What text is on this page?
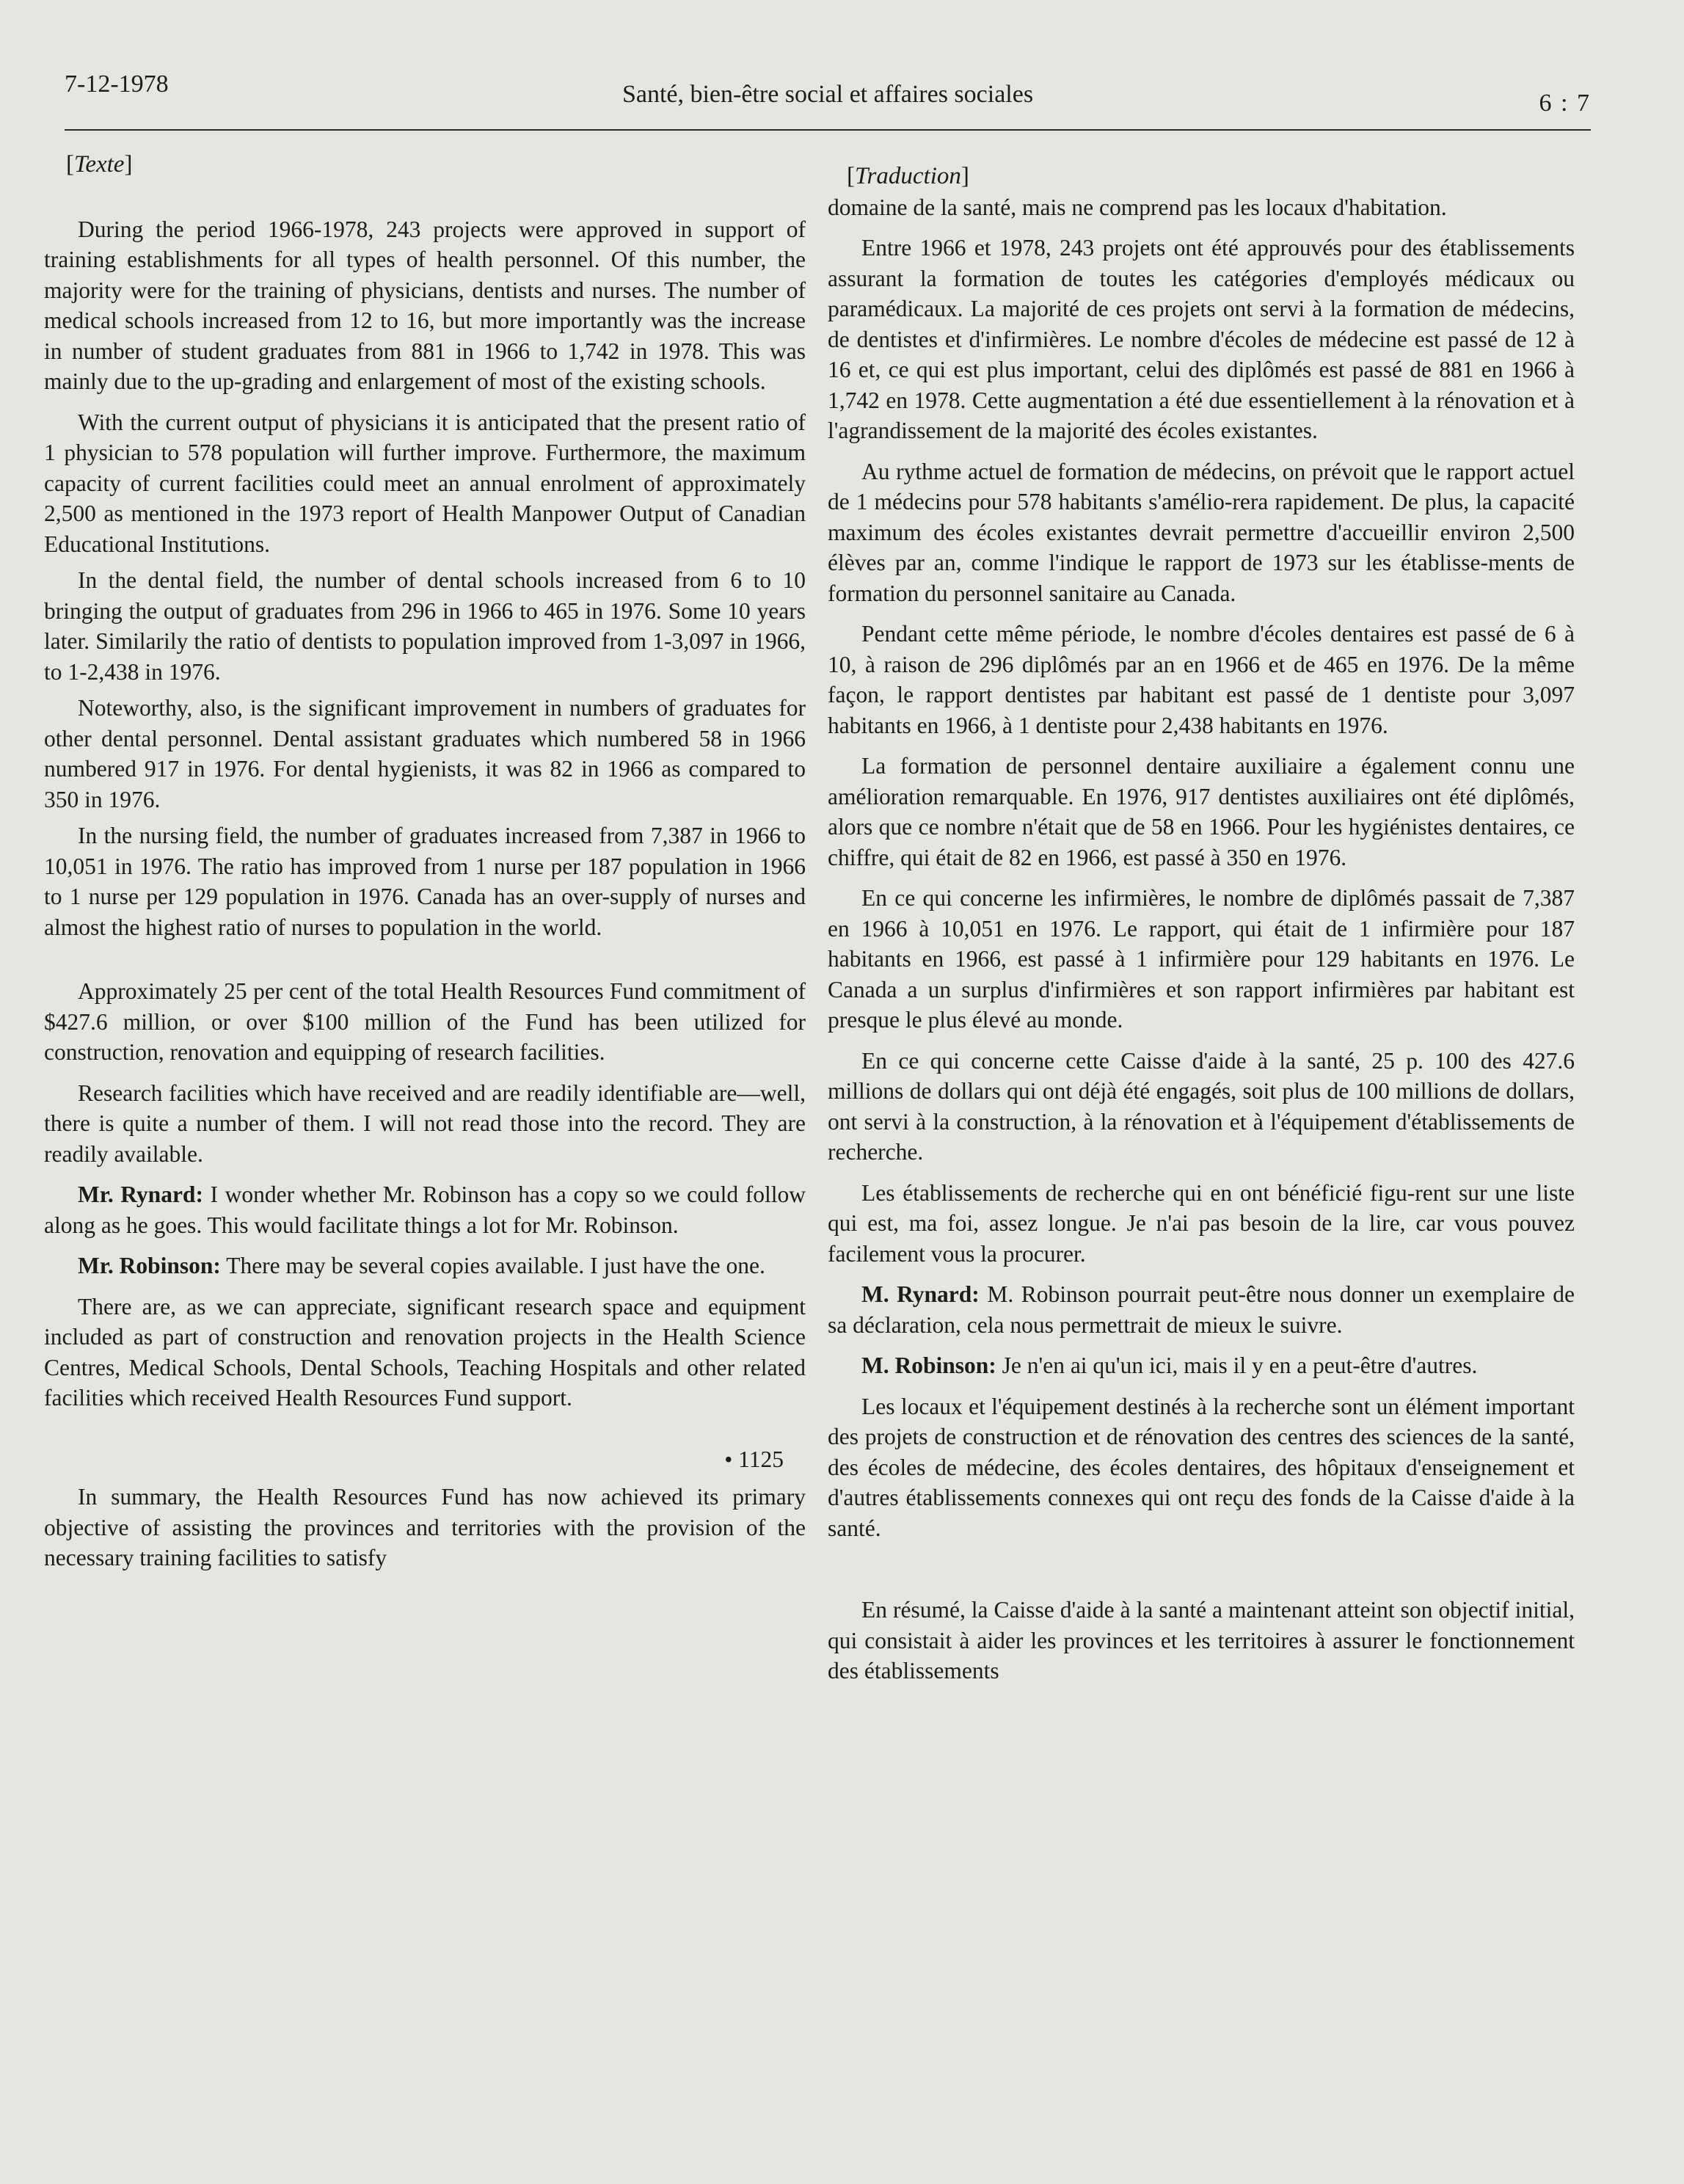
7-12-1978	Santé, bien-être social et affaires sociales	6 : 7
[Texte]

During the period 1966-1978, 243 projects were approved in support of training establishments for all types of health personnel. Of this number, the majority were for the training of physicians, dentists and nurses. The number of medical schools increased from 12 to 16, but more importantly was the increase in number of student graduates from 881 in 1966 to 1,742 in 1978. This was mainly due to the up-grading and enlargement of most of the existing schools.

With the current output of physicians it is anticipated that the present ratio of 1 physician to 578 population will further improve. Furthermore, the maximum capacity of current facilities could meet an annual enrolment of approximately 2,500 as mentioned in the 1973 report of Health Manpower Output of Canadian Educational Institutions.

In the dental field, the number of dental schools increased from 6 to 10 bringing the output of graduates from 296 in 1966 to 465 in 1976. Some 10 years later. Similarily the ratio of dentists to population improved from 1-3,097 in 1966, to 1-2,438 in 1976.

Noteworthy, also, is the significant improvement in numbers of graduates for other dental personnel. Dental assistant graduates which numbered 58 in 1966 numbered 917 in 1976. For dental hygienists, it was 82 in 1966 as compared to 350 in 1976.

In the nursing field, the number of graduates increased from 7,387 in 1966 to 10,051 in 1976. The ratio has improved from 1 nurse per 187 population in 1966 to 1 nurse per 129 population in 1976. Canada has an over-supply of nurses and almost the highest ratio of nurses to population in the world.

Approximately 25 per cent of the total Health Resources Fund commitment of $427.6 million, or over $100 million of the Fund has been utilized for construction, renovation and equipping of research facilities.

Research facilities which have received and are readily identifiable are—well, there is quite a number of them. I will not read those into the record. They are readily available.

Mr. Rynard: I wonder whether Mr. Robinson has a copy so we could follow along as he goes. This would facilitate things a lot for Mr. Robinson.

Mr. Robinson: There may be several copies available. I just have the one.

There are, as we can appreciate, significant research space and equipment included as part of construction and renovation projects in the Health Science Centres, Medical Schools, Dental Schools, Teaching Hospitals and other related facilities which received Health Resources Fund support.

• 1125

In summary, the Health Resources Fund has now achieved its primary objective of assisting the provinces and territories with the provision of the necessary training facilities to satisfy

[Traduction]

domaine de la santé, mais ne comprend pas les locaux d'habitation.

Entre 1966 et 1978, 243 projets ont été approuvés pour des établissements assurant la formation de toutes les catégories d'employés médicaux ou paramédicaux. La majorité de ces projets ont servi à la formation de médecins, de dentistes et d'infirmières. Le nombre d'écoles de médecine est passé de 12 à 16 et, ce qui est plus important, celui des diplômés est passé de 881 en 1966 à 1,742 en 1978. Cette augmentation a été due essentiellement à la rénovation et à l'agrandissement de la majorité des écoles existantes.

Au rythme actuel de formation de médecins, on prévoit que le rapport actuel de 1 médecins pour 578 habitants s'amélio-rera rapidement. De plus, la capacité maximum des écoles existantes devrait permettre d'accueillir environ 2,500 élèves par an, comme l'indique le rapport de 1973 sur les établisse-ments de formation du personnel sanitaire au Canada.

Pendant cette même période, le nombre d'écoles dentaires est passé de 6 à 10, à raison de 296 diplômés par an en 1966 et de 465 en 1976. De la même façon, le rapport dentistes par habitant est passé de 1 dentiste pour 3,097 habitants en 1966, à 1 dentiste pour 2,438 habitants en 1976.

La formation de personnel dentaire auxiliaire a également connu une amélioration remarquable. En 1976, 917 dentistes auxiliaires ont été diplômés, alors que ce nombre n'était que de 58 en 1966. Pour les hygiénistes dentaires, ce chiffre, qui était de 82 en 1966, est passé à 350 en 1976.

En ce qui concerne les infirmières, le nombre de diplômés passait de 7,387 en 1966 à 10,051 en 1976. Le rapport, qui était de 1 infirmière pour 187 habitants en 1966, est passé à 1 infirmière pour 129 habitants en 1976. Le Canada a un surplus d'infirmières et son rapport infirmières par habitant est presque le plus élevé au monde.

En ce qui concerne cette Caisse d'aide à la santé, 25 p. 100 des 427.6 millions de dollars qui ont déjà été engagés, soit plus de 100 millions de dollars, ont servi à la construction, à la rénovation et à l'équipement d'établissements de recherche.

Les établissements de recherche qui en ont bénéficié figu-rent sur une liste qui est, ma foi, assez longue. Je n'ai pas besoin de la lire, car vous pouvez facilement vous la procurer.

M. Rynard: M. Robinson pourrait peut-être nous donner un exemplaire de sa déclaration, cela nous permettrait de mieux le suivre.

M. Robinson: Je n'en ai qu'un ici, mais il y en a peut-être d'autres.

Les locaux et l'équipement destinés à la recherche sont un élément important des projets de construction et de rénovation des centres des sciences de la santé, des écoles de médecine, des écoles dentaires, des hôpitaux d'enseignement et d'autres établissements connexes qui ont reçu des fonds de la Caisse d'aide à la santé.

En résumé, la Caisse d'aide à la santé a maintenant atteint son objectif initial, qui consistait à aider les provinces et les territoires à assurer le fonctionnement des établissements
